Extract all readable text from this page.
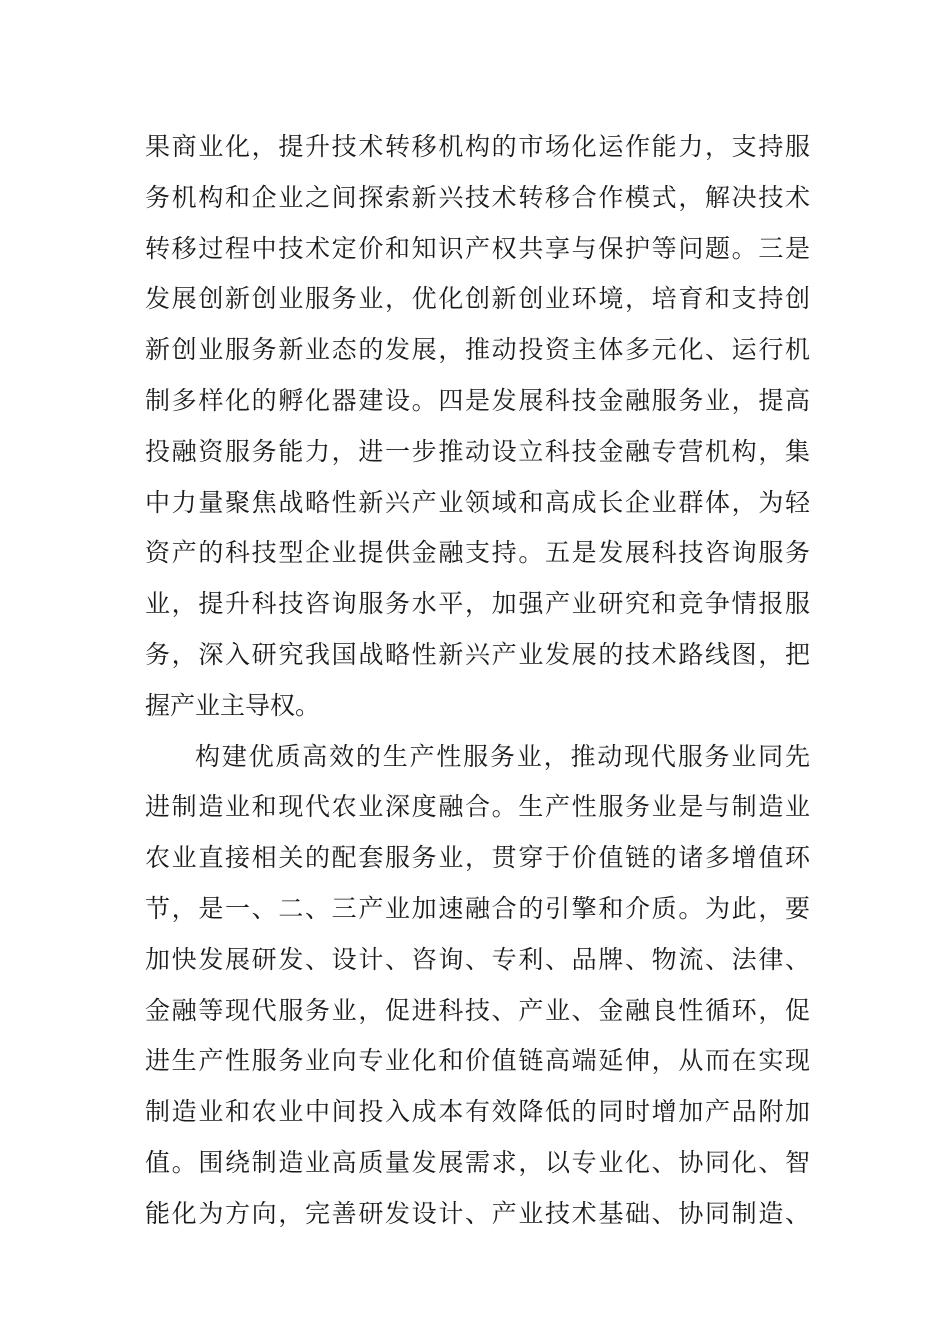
果商业化，提升技术转移机构的市场化运作能力，支持服
务机构和企业之间探索新兴技术转移合作模式，解决技术
转移过程中技术定价和知识产权共享与保护等问题。三是
发展创新创业服务业，优化创新创业环境，培育和支持创
新创业服务新业态的发展，推动投资主体多元化、运行机
制多样化的孵化器建设。四是发展科技金融服务业，提高
投融资服务能力，进一步推动设立科技金融专营机构，集
中力量聚焦战略性新兴产业领域和高成长企业群体，为轻
资产的科技型企业提供金融支持。五是发展科技咨询服务
业，提升科技咨询服务水平，加强产业研究和竞争情报服
务，深入研究我国战略性新兴产业发展的技术路线图，把
握产业主导权。
构建优质高效的生产性服务业，推动现代服务业同先
进制造业和现代农业深度融合。生产性服务业是与制造业
农业直接相关的配套服务业，贯穿于价值链的诸多增值环
节，是一、二、三产业加速融合的引擎和介质。为此，要
加快发展研发、设计、咨询、专利、品牌、物流、法律、
金融等现代服务业，促进科技、产业、金融良性循环，促
进生产性服务业向专业化和价值链高端延伸，从而在实现
制造业和农业中间投入成本有效降低的同时增加产品附加
值。围绕制造业高质量发展需求，以专业化、协同化、智
能化为方向，完善研发设计、产业技术基础、协同制造、
